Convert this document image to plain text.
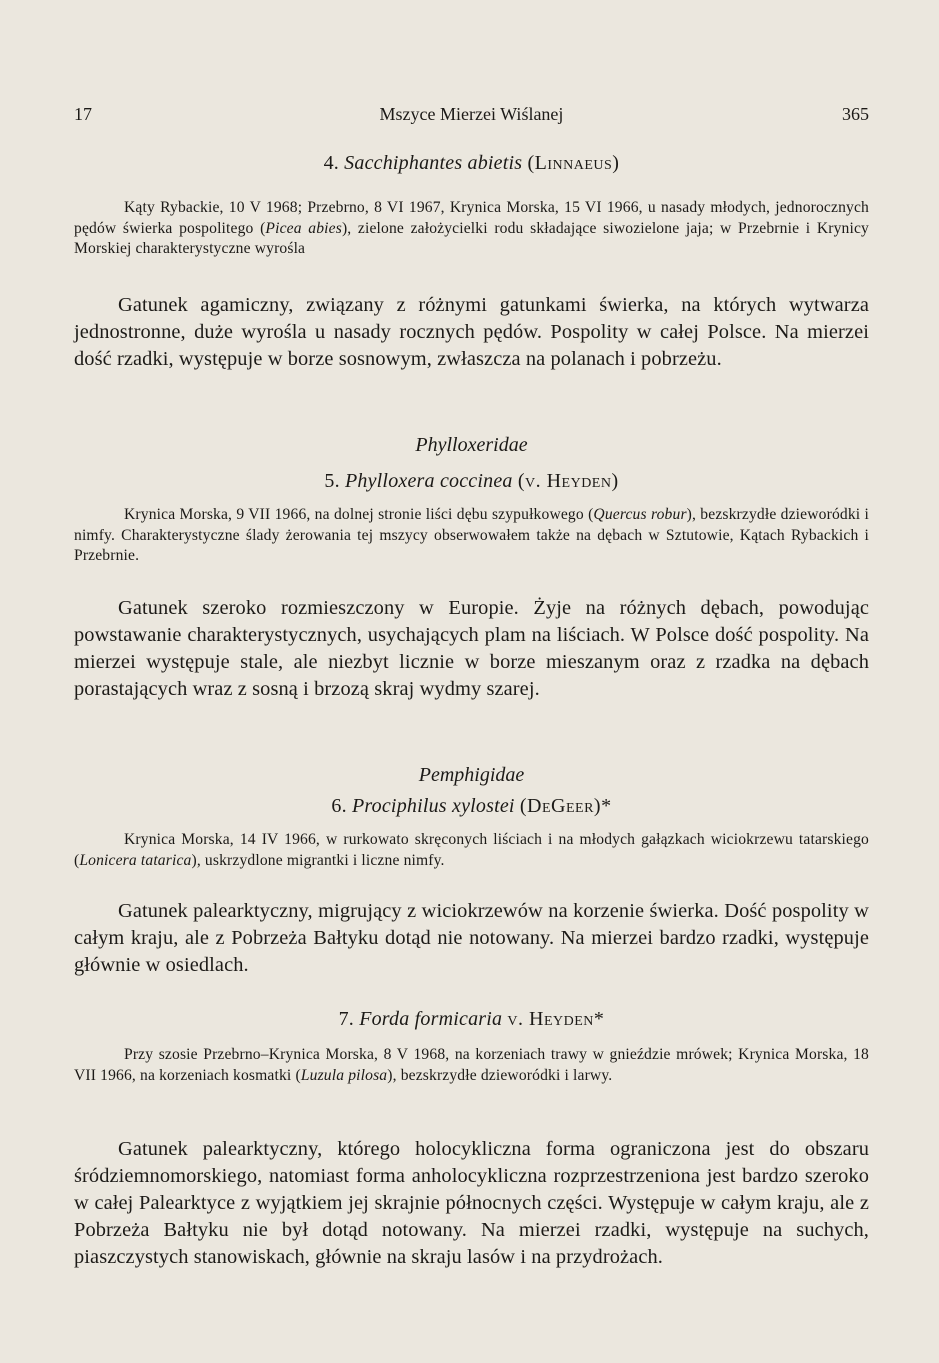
17	Mszyce Mierzei Wiślanej	365
4. Sacchiphantes abietis (Linnaeus)
Kąty Rybackie, 10 V 1968; Przebrno, 8 VI 1967, Krynica Morska, 15 VI 1966, u nasady młodych, jednorocznych pędów świerka pospolitego (Picea abies), zielone założycielki rodu składające siwozielone jaja; w Przebrnie i Krynicy Morskiej charakterystyczne wyrośla
Gatunek agamiczny, związany z różnymi gatunkami świerka, na których wytwarza jednostronne, duże wyrośla u nasady rocznych pędów. Pospolity w całej Polsce. Na mierzei dość rzadki, występuje w borze sosnowym, zwłaszcza na polanach i pobrzeżu.
Phylloxeridae
5. Phylloxera coccinea (v. Heyden)
Krynica Morska, 9 VII 1966, na dolnej stronie liści dębu szypułkowego (Quercus robur), bezskrzydłe dzieworódki i nimfy. Charakterystyczne ślady żerowania tej mszycy obserwowałem także na dębach w Sztutowie, Kątach Rybackich i Przebrnie.
Gatunek szeroko rozmieszczony w Europie. Żyje na różnych dębach, powodując powstawanie charakterystycznych, usychających plam na liściach. W Polsce dość pospolity. Na mierzei występuje stale, ale niezbyt licznie w borze mieszanym oraz z rzadka na dębach porastających wraz z sosną i brzozą skraj wydmy szarej.
Pemphigidae
6. Prociphilus xylostei (DeGeer)*
Krynica Morska, 14 IV 1966, w rurkowato skręconych liściach i na młodych gałązkach wiciokrzewu tatarskiego (Lonicera tatarica), uskrzydlone migrantki i liczne nimfy.
Gatunek palearktyczny, migrujący z wiciokrzewów na korzenie świerka. Dość pospolity w całym kraju, ale z Pobrzeża Bałtyku dotąd nie notowany. Na mierzei bardzo rzadki, występuje głównie w osiedlach.
7. Forda formicaria v. Heyden*
Przy szosie Przebrno–Krynica Morska, 8 V 1968, na korzeniach trawy w gnieździe mrówek; Krynica Morska, 18 VII 1966, na korzeniach kosmatki (Luzula pilosa), bezskrzydłe dzieworódki i larwy.
Gatunek palearktyczny, którego holocykliczna forma ograniczona jest do obszaru śródziemnomorskiego, natomiast forma anholocykliczna rozprzestrzeniona jest bardzo szeroko w całej Palearktyce z wyjątkiem jej skrajnie północnych części. Występuje w całym kraju, ale z Pobrzeża Bałtyku nie był dotąd notowany. Na mierzei rzadki, występuje na suchych, piaszczystych stanowiskach, głównie na skraju lasów i na przydrożach.
